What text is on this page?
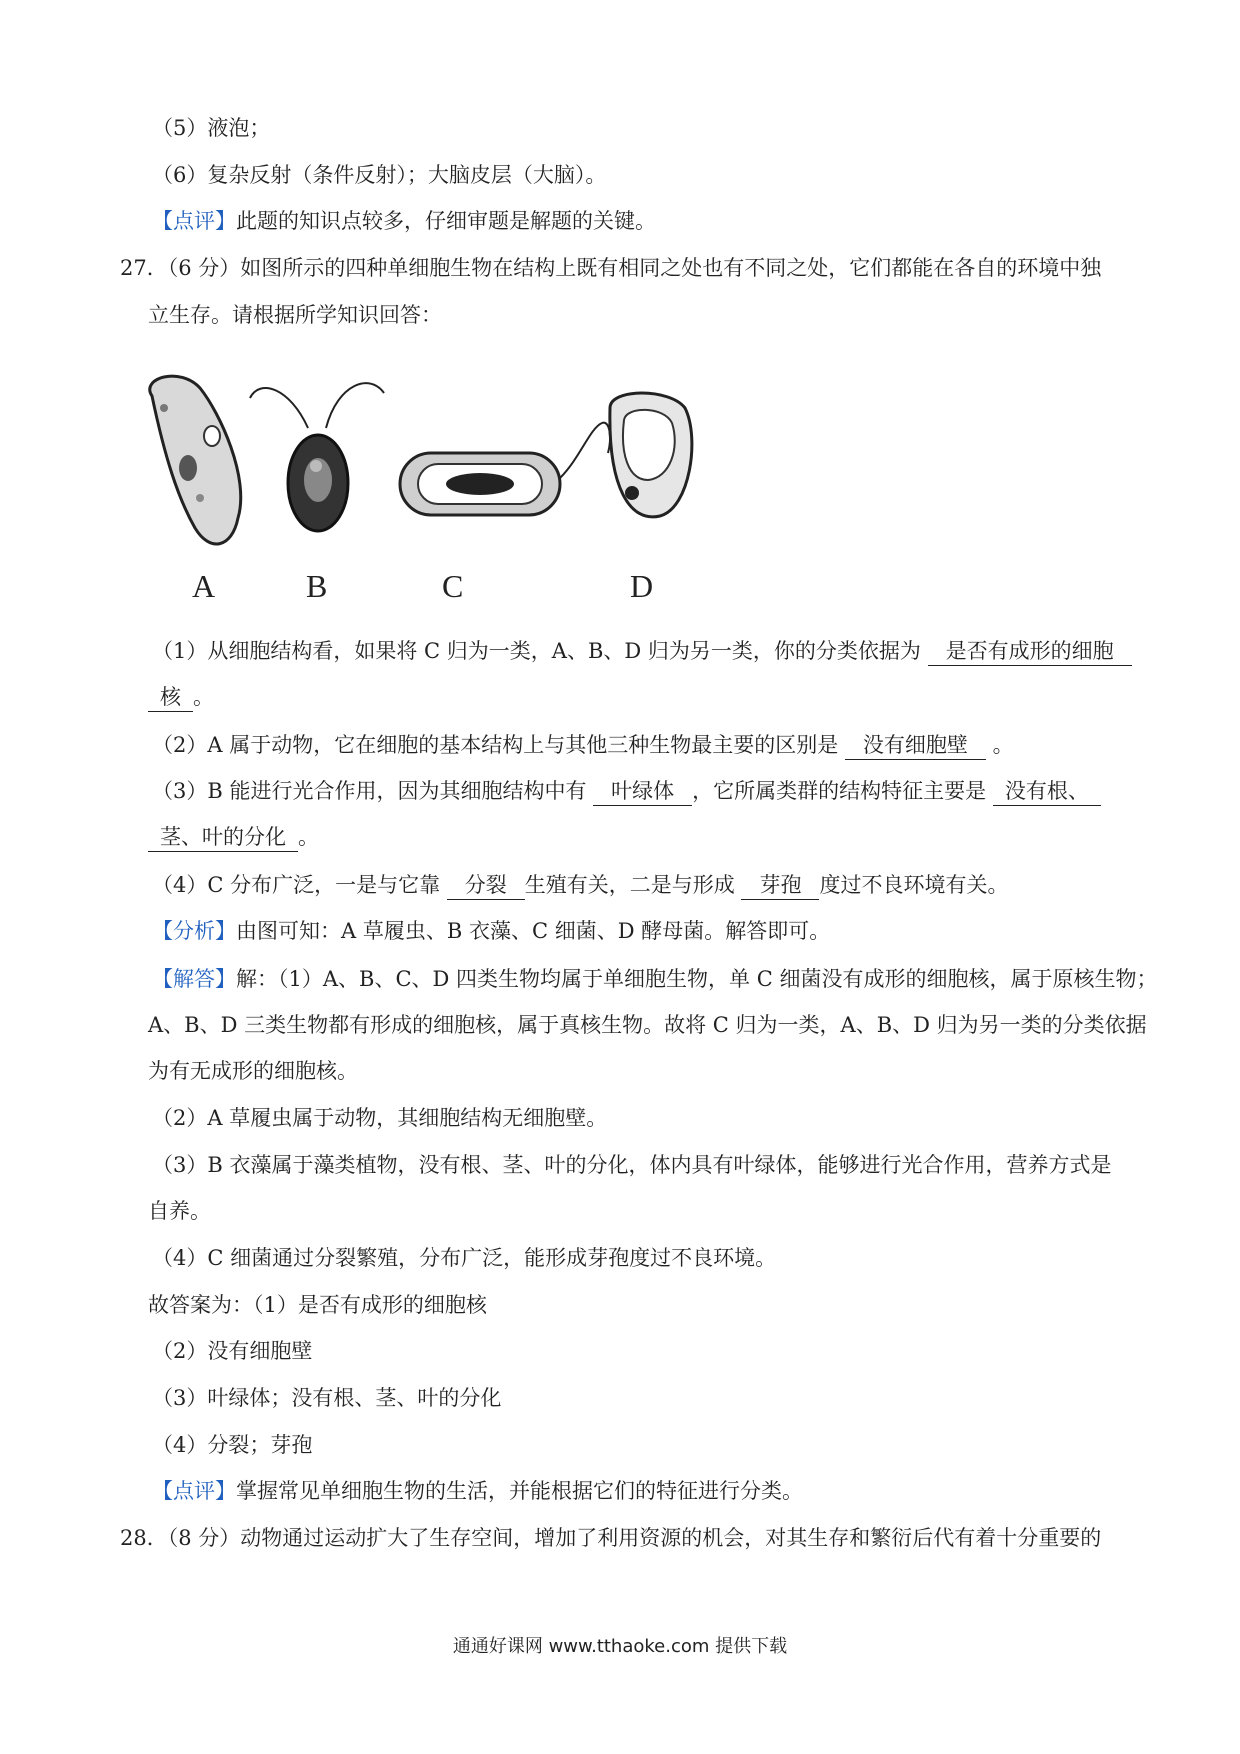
（5）液泡；
（6）复杂反射（条件反射）；大脑皮层（大脑）。
【点评】此题的知识点较多，仔细审题是解题的关键。
27．（6 分）如图所示的四种单细胞生物在结构上既有相同之处也有不同之处，它们都能在各自的环境中独
立生存。请根据所学知识回答：
A	B	C	D
（1）从细胞结构看，如果将 C 归为一类，A、B、D 归为另一类，你的分类依据为 是否有成形的细胞
核 。
（2）A 属于动物，它在细胞的基本结构上与其他三种生物最主要的区别是 没有细胞壁 。
（3）B 能进行光合作用，因为其细胞结构中有 叶绿体 ，它所属类群的结构特征主要是 没有根、
茎、叶的分化 。
（4）C 分布广泛，一是与它靠 分裂 生殖有关，二是与形成 芽孢 度过不良环境有关。
【分析】由图可知：A 草履虫、B 衣藻、C 细菌、D 酵母菌。解答即可。
【解答】解：（1）A、B、C、D 四类生物均属于单细胞生物，单 C 细菌没有成形的细胞核，属于原核生物；
A、B、D 三类生物都有形成的细胞核，属于真核生物。故将 C 归为一类，A、B、D 归为另一类的分类依据
为有无成形的细胞核。
（2）A 草履虫属于动物，其细胞结构无细胞壁。
（3）B 衣藻属于藻类植物，没有根、茎、叶的分化，体内具有叶绿体，能够进行光合作用，营养方式是
自养。
（4）C 细菌通过分裂繁殖，分布广泛，能形成芽孢度过不良环境。
故答案为：（1）是否有成形的细胞核
（2）没有细胞壁
（3）叶绿体；没有根、茎、叶的分化
（4）分裂；芽孢
【点评】掌握常见单细胞生物的生活，并能根据它们的特征进行分类。
28．（8 分）动物通过运动扩大了生存空间，增加了利用资源的机会，对其生存和繁衍后代有着十分重要的
通通好课网 www.tthaoke.com 提供下载
